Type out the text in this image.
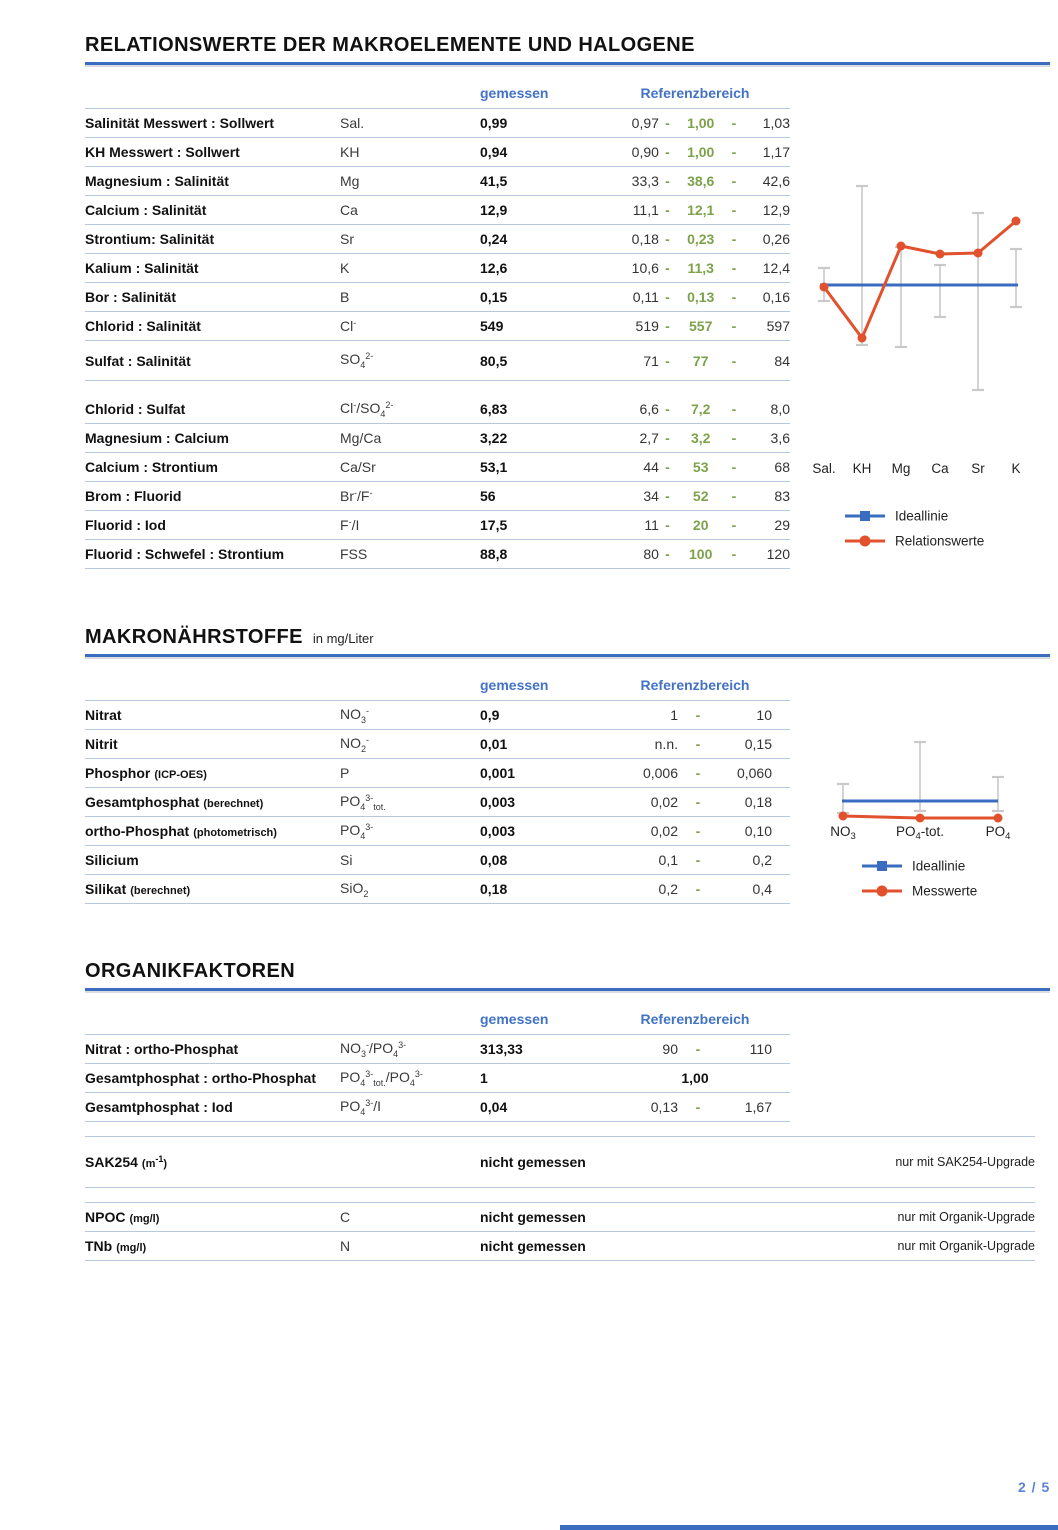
RELATIONSWERTE DER MAKROELEMENTE UND HALOGENE
gemessen	Referenzbereich
Salinität Messwert : Sollwert	Sal.	0,99	0,97 -	1,00	-	1,03
KH Messwert : Sollwert	KH	0,94	0,90 -	1,00	-	1,17
Magnesium : Salinität	Mg	41,5	33,3 -	38,6	-	42,6
Calcium : Salinität	Ca	12,9	11,1 -	12,1	-	12,9
Strontium: Salinität	Sr	0,24	0,18 -	0,23	-	0,26
Kalium : Salinität	K	12,6	10,6 -	11,3	-	12,4
Bor : Salinität	B	0,15	0,11 -	0,13	-	0,16
Chlorid : Salinität	Cl-	549	519 -	557	-	597
Sulfat : Salinität	$SO_4^{2-}$	80,5	71 -	77	-	84
Chlorid : Sulfat	$Cl^-/SO_4^{2-}$	6,83	6,6 -	7,2	-	8,0
Magnesium : Calcium	Mg/Ca	3,22	2,7 -	3,2	-	3,6
Calcium : Strontium	Ca/Sr	53,1	44 -	53	-	68
Brom : Fluorid	Br-/F-	56	34 -	52	-	83
Fluorid : Iod	F-/I	17,5	11 -	20	-	29
Fluorid : Schwefel : Strontium	FSS	88,8	80 -	100	-	120
MAKRONÄHRSTOFFE in mg/Liter
gemessen	Referenzbereich
Nitrat	$NO_3^-$	0,9	1	-	10
Nitrit	$NO_2^-$	0,01	n.n.	-	0,15
Phosphor (ICP-OES)	P	0,001	0,006	-	0,060
Gesamtphosphat (berechnet)	$PO_4^{3-}_{tot.}$	0,003	0,02	-	0,18
ortho-Phosphat (photometrisch)	$PO_4^{3-}$	0,003	0,02	-	0,10
Silicium	Si	0,08	0,1	-	0,2
Silikat (berechnet)	SiO$_2$	0,18	0,2	-	0,4
ORGANIKFAKTOREN
gemessen	Referenzbereich
Nitrat : ortho-Phosphat	$NO_3^-/PO_4^{3-}$	313,33	90	-	110
Gesamtphosphat : ortho-Phosphat	$PO_4^{3-}_{tot.}/PO_4^{3-}$	1	1,00
Gesamtphosphat : Iod	$PO_4^{3-}/I$	0,04	0,13	-	1,67
SAK254 $(m^{-1})$	nicht gemessen	nur mit SAK254-Upgrade
NPOC (mg/l)	C	nicht gemessen	nur mit Organik-Upgrade
TNb (mg/l)	N	nicht gemessen	nur mit Organik-Upgrade
Sal. KH Mg Ca Sr K
Ideallinie
Relationswerte
$NO_3$	$PO_4$-tot.	$PO_4$
Ideallinie
Messwerte
2 / 5
